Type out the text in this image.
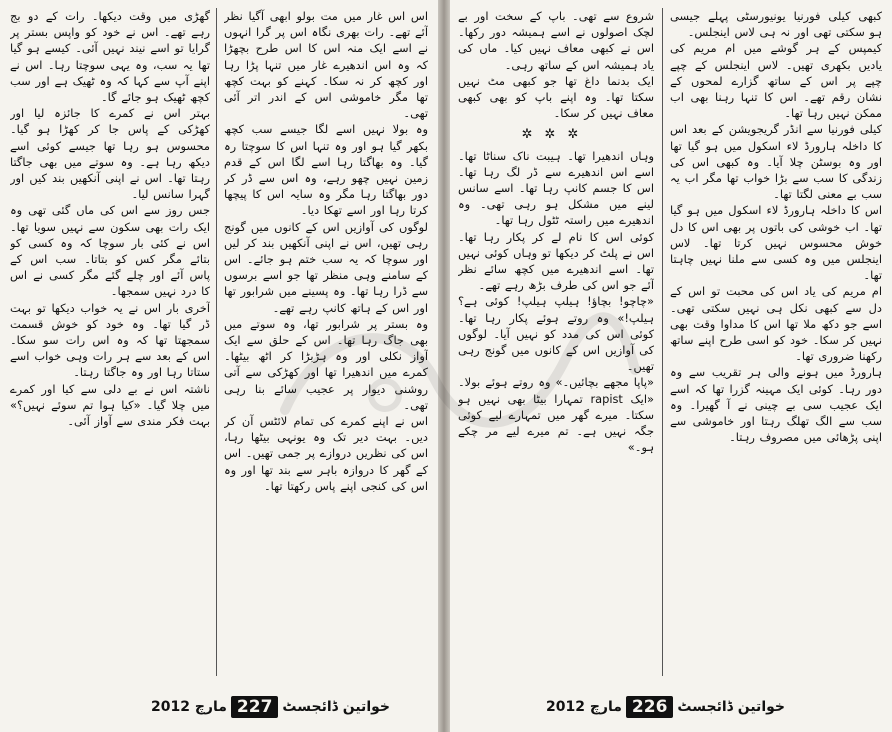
گھڑی میں وقت دیکھا۔ رات کے دو بج رہے تھے۔ اس نے خود کو واپس بستر پر گرایا تو اسے نیند نہیں آئی۔ کیسے ہو گیا تھا یہ سب، وہ یہی سوچتا رہا۔ اس نے اپنے آپ سے کہا کہ وہ ٹھیک ہے اور سب کچھ ٹھیک ہو جائے گا۔

بہتر اس نے کمرے کا جائزہ لیا اور کھڑکی کے پاس جا کر کھڑا ہو گیا۔ محسوس ہو رہا تھا جیسے کوئی اسے دیکھ رہا ہے۔ وہ سوتے میں بھی جاگتا رہتا تھا۔ اس نے اپنی آنکھیں بند کیں اور گہرا سانس لیا۔

جس روز سے اس کی ماں گئی تھی وہ ایک رات بھی سکون سے نہیں سویا تھا۔ اس نے کئی بار سوچا کہ وہ کسی کو بتائے مگر کس کو بتاتا۔ سب اس کے پاس آئے اور چلے گئے مگر کسی نے اس کا درد نہیں سمجھا۔

آخری بار اس نے یہ خواب دیکھا تو بہت ڈر گیا تھا۔ وہ خود کو خوش قسمت سمجھتا تھا کہ وہ اس رات سو سکا۔ اس کے بعد سے ہر رات وہی خواب اسے ستاتا رہا اور وہ جاگتا رہتا۔

ناشتہ اس نے بے دلی سے کیا اور کمرے میں چلا گیا۔ «کیا ہوا تم سوئے نہیں؟» بہت فکر مندی سے آواز آئی۔

اس اس غار میں مت بولو ابھی آگیا نظر آئے تھے۔ رات بھری نگاہ اس پر گرا انہوں نے اسے ایک منہ اس کا اس طرح بچھڑا کہ وہ اس اندھیرے غار میں تنہا پڑا رہا اور کچھ کر نہ سکا۔ کہنے کو بہت کچھ تھا مگر خاموشی اس کے اندر اتر آئی تھی۔

وہ بولا نہیں اسے لگا جیسے سب کچھ بکھر گیا ہو اور وہ تنہا اس کا سوچتا رہ گیا۔ وہ بھاگتا رہا اسے لگا اس کے قدم زمین نہیں چھو رہے، وہ اس سے ڈر کر دور بھاگتا رہا مگر وہ سایہ اس کا پیچھا کرتا رہا اور اسے تھکا دیا۔

لوگوں کی آوازیں اس کے کانوں میں گونج رہی تھیں، اس نے اپنی آنکھیں بند کر لیں اور سوچا کہ یہ سب ختم ہو جائے۔ اس کے سامنے وہی منظر تھا جو اسے برسوں سے ڈرا رہا تھا۔ وہ پسینے میں شرابور تھا اور اس کے ہاتھ کانپ رہے تھے۔

وہ بستر پر شرابور تھا، وہ سوتے میں بھی جاگ رہا تھا۔ اس کے حلق سے ایک آواز نکلی اور وہ ہڑبڑا کر اٹھ بیٹھا۔ کمرے میں اندھیرا تھا اور کھڑکی سے آتی روشنی دیوار پر عجیب سائے بنا رہی تھی۔

اس نے اپنے کمرے کی تمام لائٹس آن کر دیں۔ بہت دیر تک وہ یونہی بیٹھا رہا، اس کی نظریں دروازے پر جمی تھیں۔ اس کے گھر کا دروازہ باہر سے بند تھا اور وہ اس کی کنجی اپنے پاس رکھتا تھا۔

مارچ 2012 227 خواتین ڈائجسٹ

شروع سے تھی۔ باپ کے سخت اور بے لچک اصولوں نے اسے ہمیشہ دور رکھا۔ اس نے کبھی معاف نہیں کیا۔ ماں کی یاد ہمیشہ اس کے ساتھ رہی۔

ایک بدنما داغ تھا جو کبھی مٹ نہیں سکتا تھا۔ وہ اپنے باپ کو بھی کبھی معاف نہیں کر سکا۔

✲✲✲

وہاں اندھیرا تھا۔ ہیبت ناک سناٹا تھا۔ اسے اس اندھیرے سے ڈر لگ رہا تھا۔ اس کا جسم کانپ رہا تھا۔ اسے سانس لینے میں مشکل ہو رہی تھی۔ وہ اندھیرے میں راستہ ٹٹول رہا تھا۔

کوئی اس کا نام لے کر پکار رہا تھا۔ اس نے پلٹ کر دیکھا تو وہاں کوئی نہیں تھا۔ اسے اندھیرے میں کچھ سائے نظر آئے جو اس کی طرف بڑھ رہے تھے۔

«چاچو! بچاؤ! ہیلپ ہیلپ! کوئی ہے؟ ہیلپ!» وہ روتے ہوئے پکار رہا تھا۔ کوئی اس کی مدد کو نہیں آیا۔ لوگوں کی آوازیں اس کے کانوں میں گونج رہی تھیں۔

«پاپا مجھے بچائیں۔» وہ روتے ہوئے بولا۔ «ایک rapist تمہارا بیٹا بھی نہیں ہو سکتا۔ میرے گھر میں تمہارے لیے کوئی جگہ نہیں ہے۔ تم میرے لیے مر چکے ہو۔»

کبھی کیلی فورنیا یونیورسٹی پہلے جیسی ہو سکتی تھی اور نہ ہی لاس اینجلس۔

کیمپس کے ہر گوشے میں ام مریم کی یادیں بکھری تھیں۔ لاس اینجلس کے چپے چپے پر اس کے ساتھ گزارے لمحوں کے نشان رقم تھے۔ اس کا تنہا رہنا بھی اب ممکن نہیں رہا تھا۔

کیلی فورنیا سے انڈر گریجویشن کے بعد اس کا داخلہ ہارورڈ لاء اسکول میں ہو گیا تھا اور وہ بوسٹن چلا آیا۔ وہ کبھی اس کی زندگی کا سب سے بڑا خواب تھا مگر اب یہ سب بے معنی لگتا تھا۔

اس کا داخلہ ہارورڈ لاء اسکول میں ہو گیا تھا۔ اب خوشی کی باتوں پر بھی اس کا دل خوش محسوس نہیں کرتا تھا۔ لاس اینجلس میں وہ کسی سے ملنا نہیں چاہتا تھا۔

ام مریم کی یاد اس کی محبت تو اس کے دل سے کبھی نکل ہی نہیں سکتی تھی۔ اسے جو دکھ ملا تھا اس کا مداوا وقت بھی نہیں کر سکا۔ خود کو اسی طرح اپنے ساتھ رکھنا ضروری تھا۔

ہارورڈ میں ہونے والی ہر تقریب سے وہ دور رہا۔ کوئی ایک مہینہ گزرا تھا کہ اسے ایک عجیب سی بے چینی نے آ گھیرا۔ وہ سب سے الگ تھلگ رہتا اور خاموشی سے اپنی پڑھائی میں مصروف رہتا۔

مارچ 2012 226 خواتین ڈائجسٹ
